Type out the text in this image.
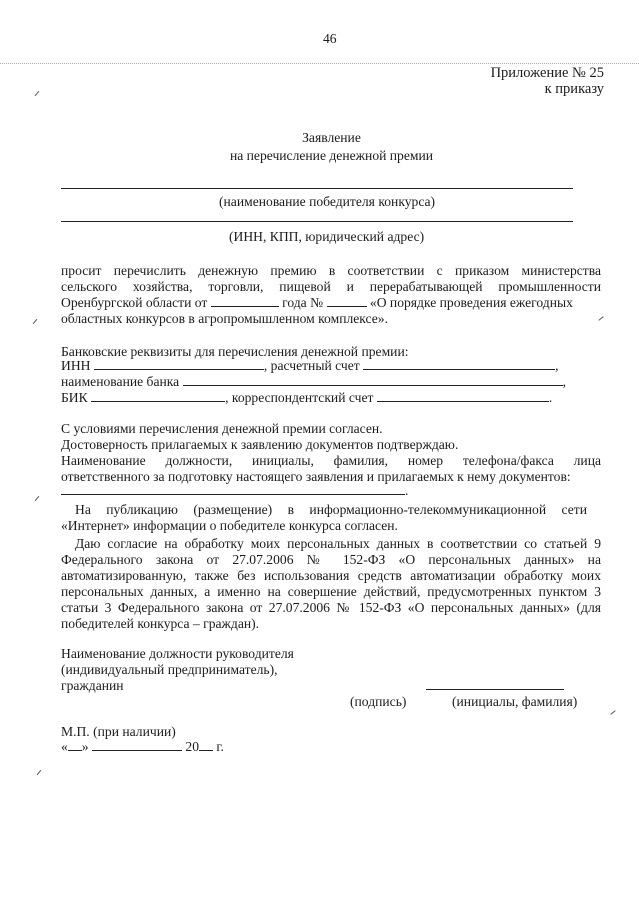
46
Приложение № 25
к приказу
Заявление
на перечисление денежной премии
(наименование победителя конкурса)
(ИНН, КПП, юридический адрес)
просит перечислить денежную премию в соответствии с приказом министерства
сельского хозяйства, торговли, пищевой и перерабатывающей промышленности
Оренбургской области от	года №	«О порядке проведения ежегодных
областных конкурсов в агропромышленном комплексе».
Банковские реквизиты для перечисления денежной премии:
ИНН	, расчетный счет	,
наименование банка	,
БИК	, корреспондентский счет	.
С условиями перечисления денежной премии согласен.
Достоверность прилагаемых к заявлению документов подтверждаю.
Наименование должности, инициалы, фамилия, номер телефона/факса лица
ответственного за подготовку настоящего заявления и прилагаемых к нему документов:
.
На публикацию (размещение) в информационно-телекоммуникационной сети
«Интернет» информации о победителе конкурса согласен.
Даю согласие на обработку моих персональных данных в соответствии со статьей 9
Федерального закона от 27.07.2006 № 152-ФЗ «О персональных данных» на
автоматизированную, также без использования средств автоматизации обработку моих
персональных данных, а именно на совершение действий, предусмотренных пунктом 3
статьи 3 Федерального закона от 27.07.2006 № 152-ФЗ «О персональных данных» (для
победителей конкурса – граждан).
Наименование должности руководителя
(индивидуальный предприниматель),
гражданин
(подпись)	(инициалы, фамилия)
М.П. (при наличии)
« »	20 г.
